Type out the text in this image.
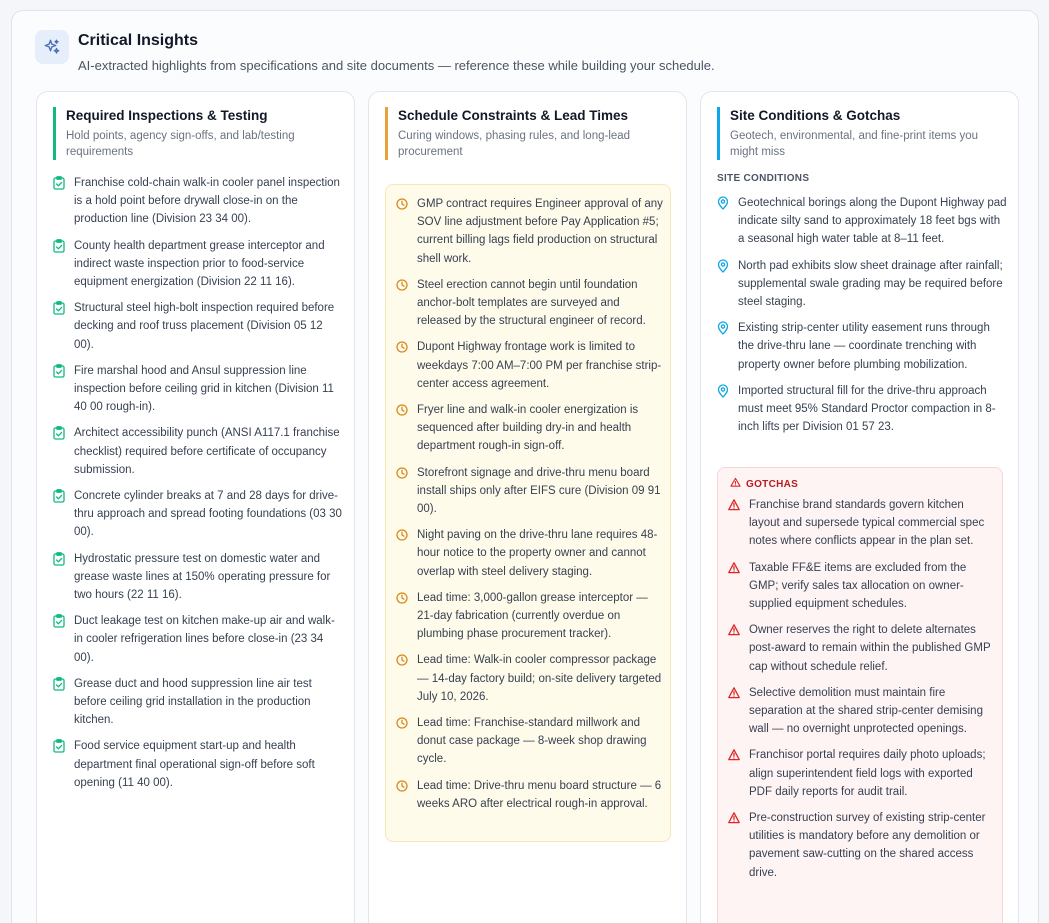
Critical Insights
AI-extracted highlights from specifications and site documents — reference these while building your schedule.
Required Inspections & Testing
Hold points, agency sign-offs, and lab/testing requirements
Franchise cold-chain walk-in cooler panel inspection is a hold point before drywall close-in on the production line (Division 23 34 00).
County health department grease interceptor and indirect waste inspection prior to food-service equipment energization (Division 22 11 16).
Structural steel high-bolt inspection required before decking and roof truss placement (Division 05 12 00).
Fire marshal hood and Ansul suppression line inspection before ceiling grid in kitchen (Division 11 40 00 rough-in).
Architect accessibility punch (ANSI A117.1 franchise checklist) required before certificate of occupancy submission.
Concrete cylinder breaks at 7 and 28 days for drive-thru approach and spread footing foundations (03 30 00).
Hydrostatic pressure test on domestic water and grease waste lines at 150% operating pressure for two hours (22 11 16).
Duct leakage test on kitchen make-up air and walk-in cooler refrigeration lines before close-in (23 34 00).
Grease duct and hood suppression line air test before ceiling grid installation in the production kitchen.
Food service equipment start-up and health department final operational sign-off before soft opening (11 40 00).
Schedule Constraints & Lead Times
Curing windows, phasing rules, and long-lead procurement
GMP contract requires Engineer approval of any SOV line adjustment before Pay Application #5; current billing lags field production on structural shell work.
Steel erection cannot begin until foundation anchor-bolt templates are surveyed and released by the structural engineer of record.
Dupont Highway frontage work is limited to weekdays 7:00 AM–7:00 PM per franchise strip-center access agreement.
Fryer line and walk-in cooler energization is sequenced after building dry-in and health department rough-in sign-off.
Storefront signage and drive-thru menu board install ships only after EIFS cure (Division 09 91 00).
Night paving on the drive-thru lane requires 48-hour notice to the property owner and cannot overlap with steel delivery staging.
Lead time: 3,000-gallon grease interceptor — 21-day fabrication (currently overdue on plumbing phase procurement tracker).
Lead time: Walk-in cooler compressor package — 14-day factory build; on-site delivery targeted July 10, 2026.
Lead time: Franchise-standard millwork and donut case package — 8-week shop drawing cycle.
Lead time: Drive-thru menu board structure — 6 weeks ARO after electrical rough-in approval.
Site Conditions & Gotchas
Geotech, environmental, and fine-print items you might miss
SITE CONDITIONS
Geotechnical borings along the Dupont Highway pad indicate silty sand to approximately 18 feet bgs with a seasonal high water table at 8–11 feet.
North pad exhibits slow sheet drainage after rainfall; supplemental swale grading may be required before steel staging.
Existing strip-center utility easement runs through the drive-thru lane — coordinate trenching with property owner before plumbing mobilization.
Imported structural fill for the drive-thru approach must meet 95% Standard Proctor compaction in 8-inch lifts per Division 01 57 23.
GOTCHAS
Franchise brand standards govern kitchen layout and supersede typical commercial spec notes where conflicts appear in the plan set.
Taxable FF&E items are excluded from the GMP; verify sales tax allocation on owner-supplied equipment schedules.
Owner reserves the right to delete alternates post-award to remain within the published GMP cap without schedule relief.
Selective demolition must maintain fire separation at the shared strip-center demising wall — no overnight unprotected openings.
Franchisor portal requires daily photo uploads; align superintendent field logs with exported PDF daily reports for audit trail.
Pre-construction survey of existing strip-center utilities is mandatory before any demolition or pavement saw-cutting on the shared access drive.
